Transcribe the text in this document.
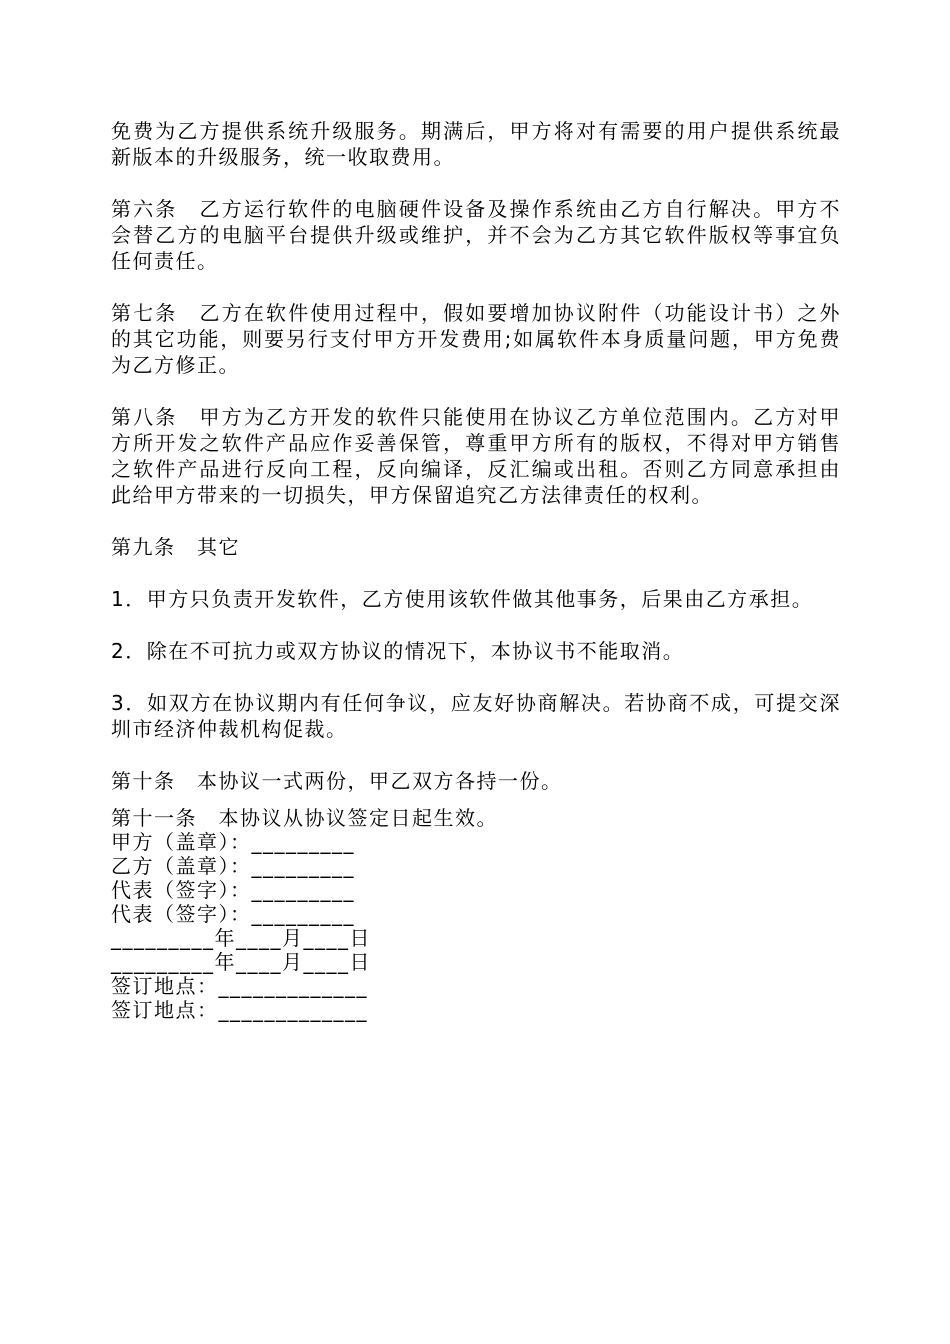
免费为乙方提供系统升级服务。期满后，甲方将对有需要的用户提供系统最新版本的升级服务，统一收取费用。

第六条　乙方运行软件的电脑硬件设备及操作系统由乙方自行解决。甲方不会替乙方的电脑平台提供升级或维护，并不会为乙方其它软件版权等事宜负任何责任。

第七条　乙方在软件使用过程中，假如要增加协议附件（功能设计书）之外的其它功能，则要另行支付甲方开发费用;如属软件本身质量问题，甲方免费为乙方修正。

第八条　甲方为乙方开发的软件只能使用在协议乙方单位范围内。乙方对甲方所开发之软件产品应作妥善保管，尊重甲方所有的版权，不得对甲方销售之软件产品进行反向工程，反向编译，反汇编或出租。否则乙方同意承担由此给甲方带来的一切损失，甲方保留追究乙方法律责任的权利。

第九条　其它

1．甲方只负责开发软件，乙方使用该软件做其他事务，后果由乙方承担。

2．除在不可抗力或双方协议的情况下，本协议书不能取消。

3．如双方在协议期内有任何争议，应友好协商解决。若协商不成，可提交深圳市经济仲裁机构促裁。

第十条　本协议一式两份，甲乙双方各持一份。

第十一条　本协议从协议签定日起生效。

甲方（盖章）：_________

乙方（盖章）：_________

代表（签字）：_________

代表（签字）：_________

_________年____月____日

_________年____月____日

签订地点：_____________

签订地点：_____________
